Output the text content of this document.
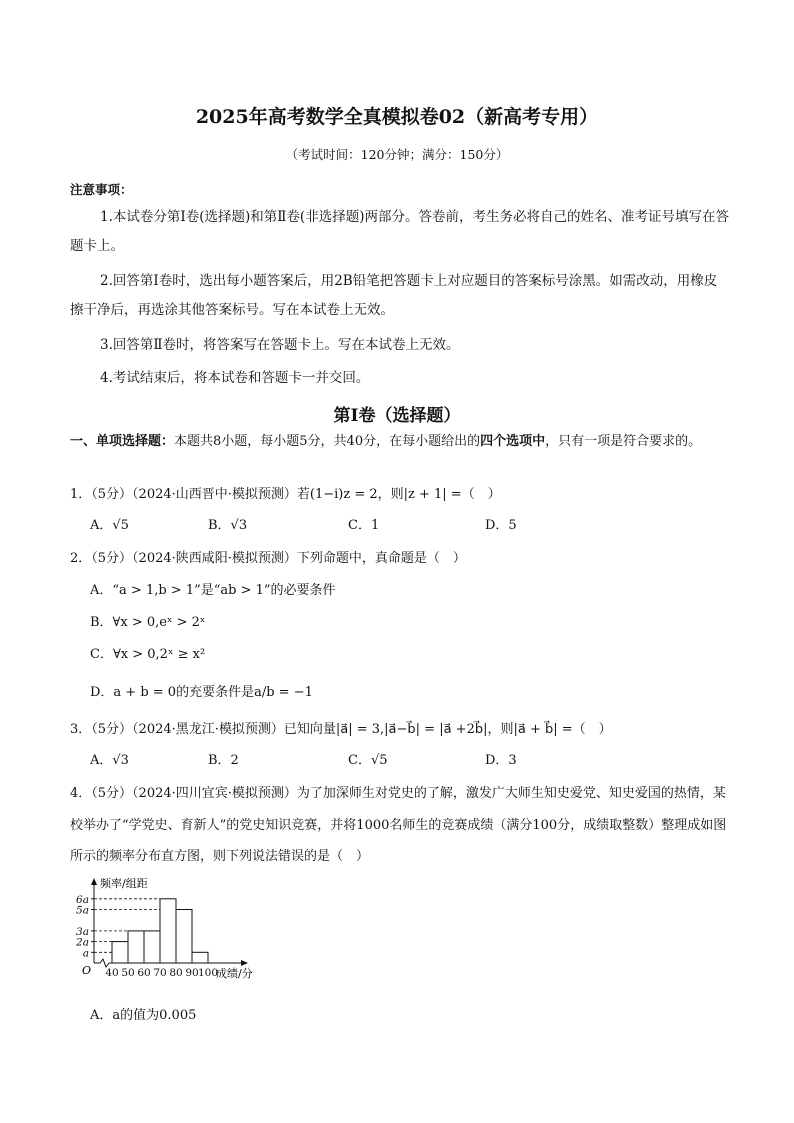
2025年高考数学全真模拟卷02（新高考专用）
（考试时间：120分钟；满分：150分）
注意事项：
1.本试卷分第Ⅰ卷(选择题)和第Ⅱ卷(非选择题)两部分。答卷前，考生务必将自己的姓名、准考证号填写在答题卡上。
2.回答第Ⅰ卷时，选出每小题答案后，用2B铅笔把答题卡上对应题目的答案标号涂黑。如需改动，用橡皮擦干净后，再选涂其他答案标号。写在本试卷上无效。
3.回答第Ⅱ卷时，将答案写在答题卡上。写在本试卷上无效。
4.考试结束后，将本试卷和答题卡一并交回。
第Ⅰ卷（选择题）
一、单项选择题：本题共8小题，每小题5分，共40分，在每小题给出的四个选项中，只有一项是符合要求的。
1．（5分）（2024·山西晋中·模拟预测）若(1−i)z = 2，则|z + 1| =（　）
A．√5	B．√3	C．1	D．5
2．（5分）（2024·陕西咸阳·模拟预测）下列命题中，真命题是（　）
A．“a > 1,b > 1”是“ab > 1”的必要条件
B．∀x > 0,eˣ > 2ˣ
C．∀x > 0,2ˣ ≥ x²
D．a + b = 0的充要条件是a/b = −1
3．（5分）（2024·黑龙江·模拟预测）已知向量|a⃗| = 3,|a⃗−b⃗| = |a⃗ +2b⃗|，则|a⃗ + b⃗| =（　）
A．√3	B．2	C．√5	D．3
4．（5分）（2024·四川宜宾·模拟预测）为了加深师生对党史的了解，激发广大师生知史爱党、知史爱国的热情，某校举办了“学党史、育新人”的党史知识竞赛，并将1000名师生的竞赛成绩（满分100分，成绩取整数）整理成如图所示的频率分布直方图，则下列说法错误的是（　）
a
2a
3a
5a
6a
40 50 60 70 80 90 100
频率/组距
成绩/分
O
A．a的值为0.005
